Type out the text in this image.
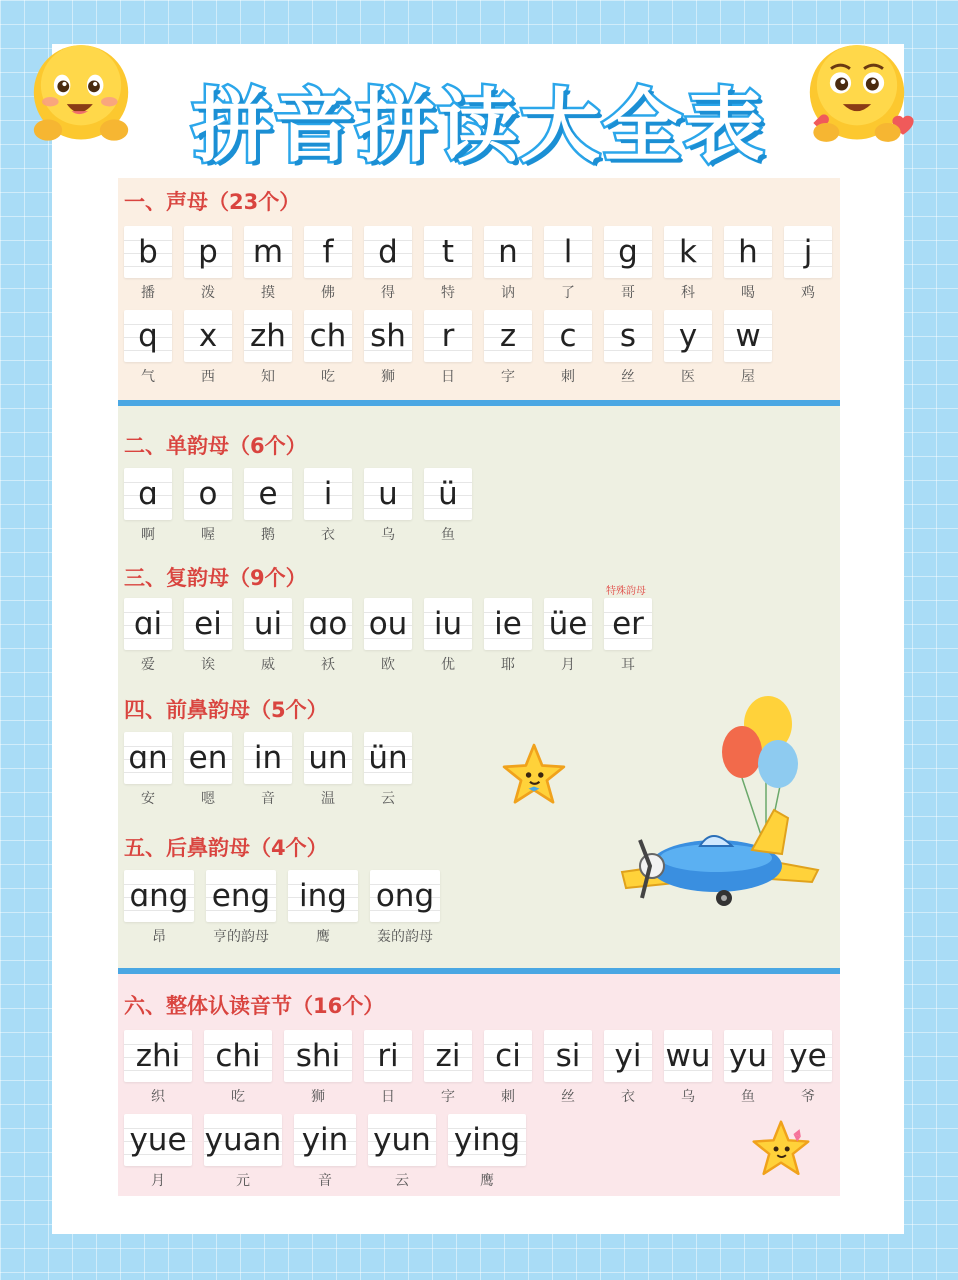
拼音拼读大全表
一、声母（23个）
b
播
p
泼
m
摸
f
佛
d
得
t
特
n
讷
l
了
g
哥
k
科
h
喝
j
鸡
q
气
x
西
zh
知
ch
吃
sh
狮
r
日
z
字
c
刺
s
丝
y
医
w
屋
二、单韵母（6个）
ɑ
啊
o
喔
e
鹅
i
衣
u
乌
ü
鱼
三、复韵母（9个）
特殊韵母
ɑi
爱
ei
诶
ui
威
ɑo
袄
ou
欧
iu
优
ie
耶
üe
月
er
耳
四、前鼻韵母（5个）
ɑn
安
en
嗯
in
音
un
温
ün
云
五、后鼻韵母（4个）
ɑng
昂
eng
亨的韵母
ing
鹰
ong
轰的韵母
六、整体认读音节（16个）
zhi
织
chi
吃
shi
狮
ri
日
zi
字
ci
刺
si
丝
yi
衣
wu
乌
yu
鱼
ye
爷
yue
月
yuan
元
yin
音
yun
云
ying
鹰
